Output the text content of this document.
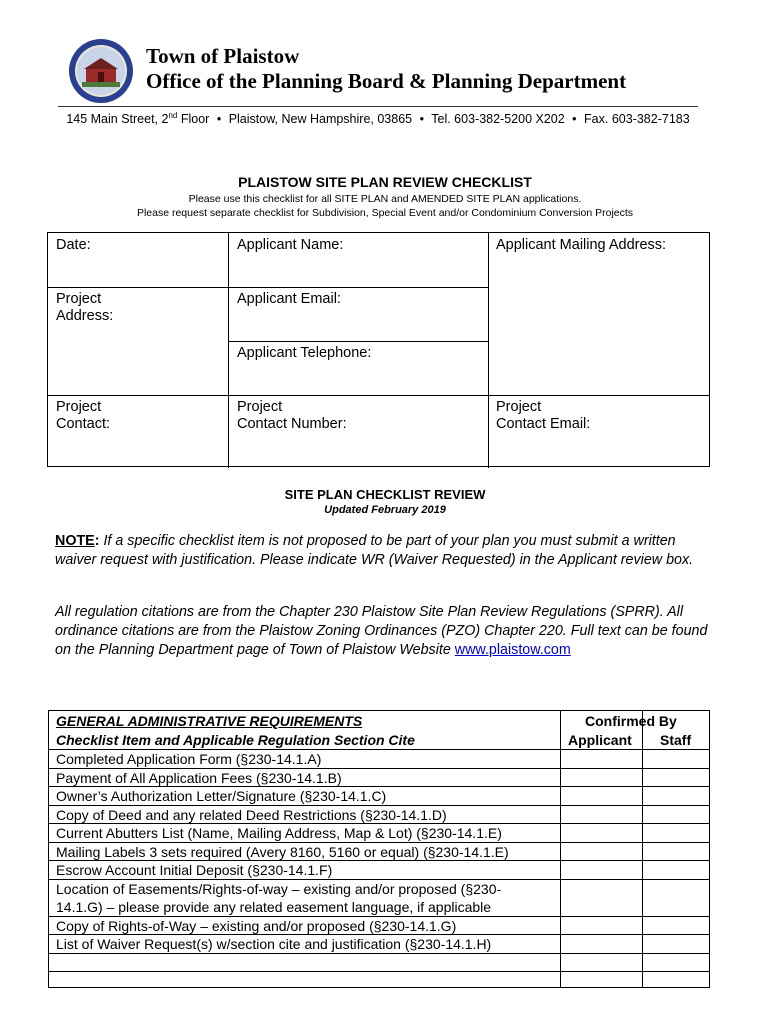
Town of Plaistow
Office of the Planning Board & Planning Department
145 Main Street, 2nd Floor • Plaistow, New Hampshire, 03865 • Tel. 603-382-5200 X202 • Fax. 603-382-7183
PLAISTOW SITE PLAN REVIEW CHECKLIST
Please use this checklist for all SITE PLAN and AMENDED SITE PLAN applications.
Please request separate checklist for Subdivision, Special Event and/or Condominium Conversion Projects
Date:	Applicant Name:	Applicant Mailing Address:
Project
Address:
Applicant Email:
Applicant Telephone:
Project
Contact:
Project
Contact Number:
Project
Contact Email:
SITE PLAN CHECKLIST REVIEW
Updated February 2019
NOTE: If a specific checklist item is not proposed to be part of your plan you must submit a written waiver request with justification. Please indicate WR (Waiver Requested) in the Applicant review box.
All regulation citations are from the Chapter 230 Plaistow Site Plan Review Regulations (SPRR). All ordinance citations are from the Plaistow Zoning Ordinances (PZO) Chapter 220. Full text can be found on the Planning Department page of Town of Plaistow Website www.plaistow.com
Completed Application Form (§230-14.1.A)
Payment of All Application Fees (§230-14.1.B)
Owner’s Authorization Letter/Signature (§230-14.1.C)
Copy of Deed and any related Deed Restrictions (§230-14.1.D)
Current Abutters List (Name, Mailing Address, Map & Lot) (§230-14.1.E)
Mailing Labels 3 sets required (Avery 8160, 5160 or equal) (§230-14.1.E)
Escrow Account Initial Deposit (§230-14.1.F)
Location of Easements/Rights-of-way – existing and/or proposed (§230-
14.1.G) – please provide any related easement language, if applicable
Copy of Rights-of-Way – existing and/or proposed (§230-14.1.G)
List of Waiver Request(s) w/section cite and justification (§230-14.1.H)
Confirmed By
Applicant Staff
GENERAL ADMINISTRATIVE REQUIREMENTS
Checklist Item and Applicable Regulation Section Cite
